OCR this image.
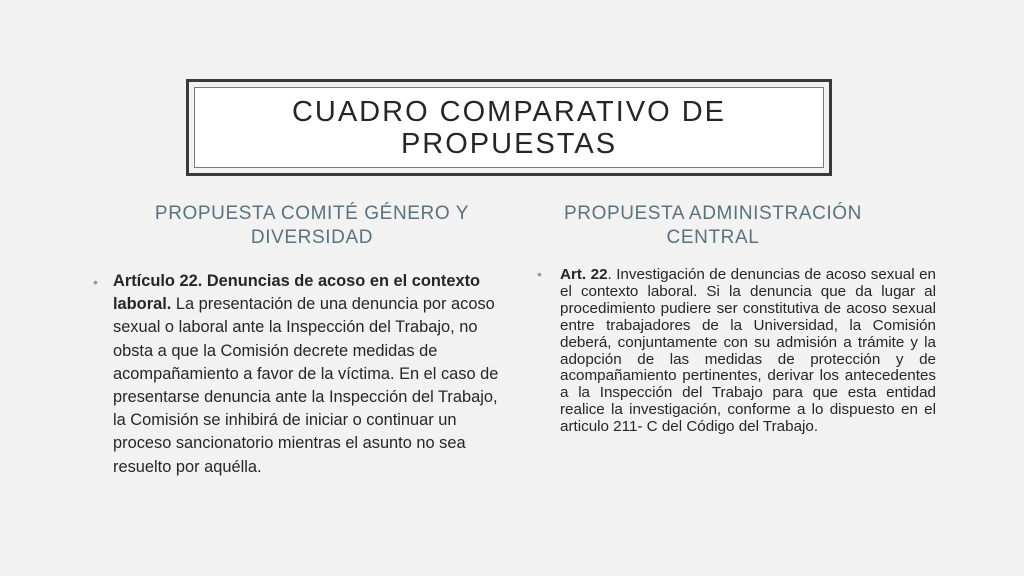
CUADRO COMPARATIVO DE PROPUESTAS
PROPUESTA COMITÉ GÉNERO Y DIVERSIDAD
PROPUESTA ADMINISTRACIÓN CENTRAL
• Artículo 22. Denuncias de acoso en el contexto laboral. La presentación de una denuncia por acoso sexual o laboral ante la Inspección del Trabajo, no obsta a que la Comisión decrete medidas de acompañamiento a favor de la víctima. En el caso de presentarse denuncia ante la Inspección del Trabajo, la Comisión se inhibirá de iniciar o continuar un proceso sancionatorio mientras el asunto no sea resuelto por aquélla.
• Art. 22. Investigación de denuncias de acoso sexual en el contexto laboral. Si la denuncia que da lugar al procedimiento pudiere ser constitutiva de acoso sexual entre trabajadores de la Universidad, la Comisión deberá, conjuntamente con su admisión a trámite y la adopción de las medidas de protección y de acompañamiento pertinentes, derivar los antecedentes a la Inspección del Trabajo para que esta entidad realice la investigación, conforme a lo dispuesto en el articulo 211- C del Código del Trabajo.
